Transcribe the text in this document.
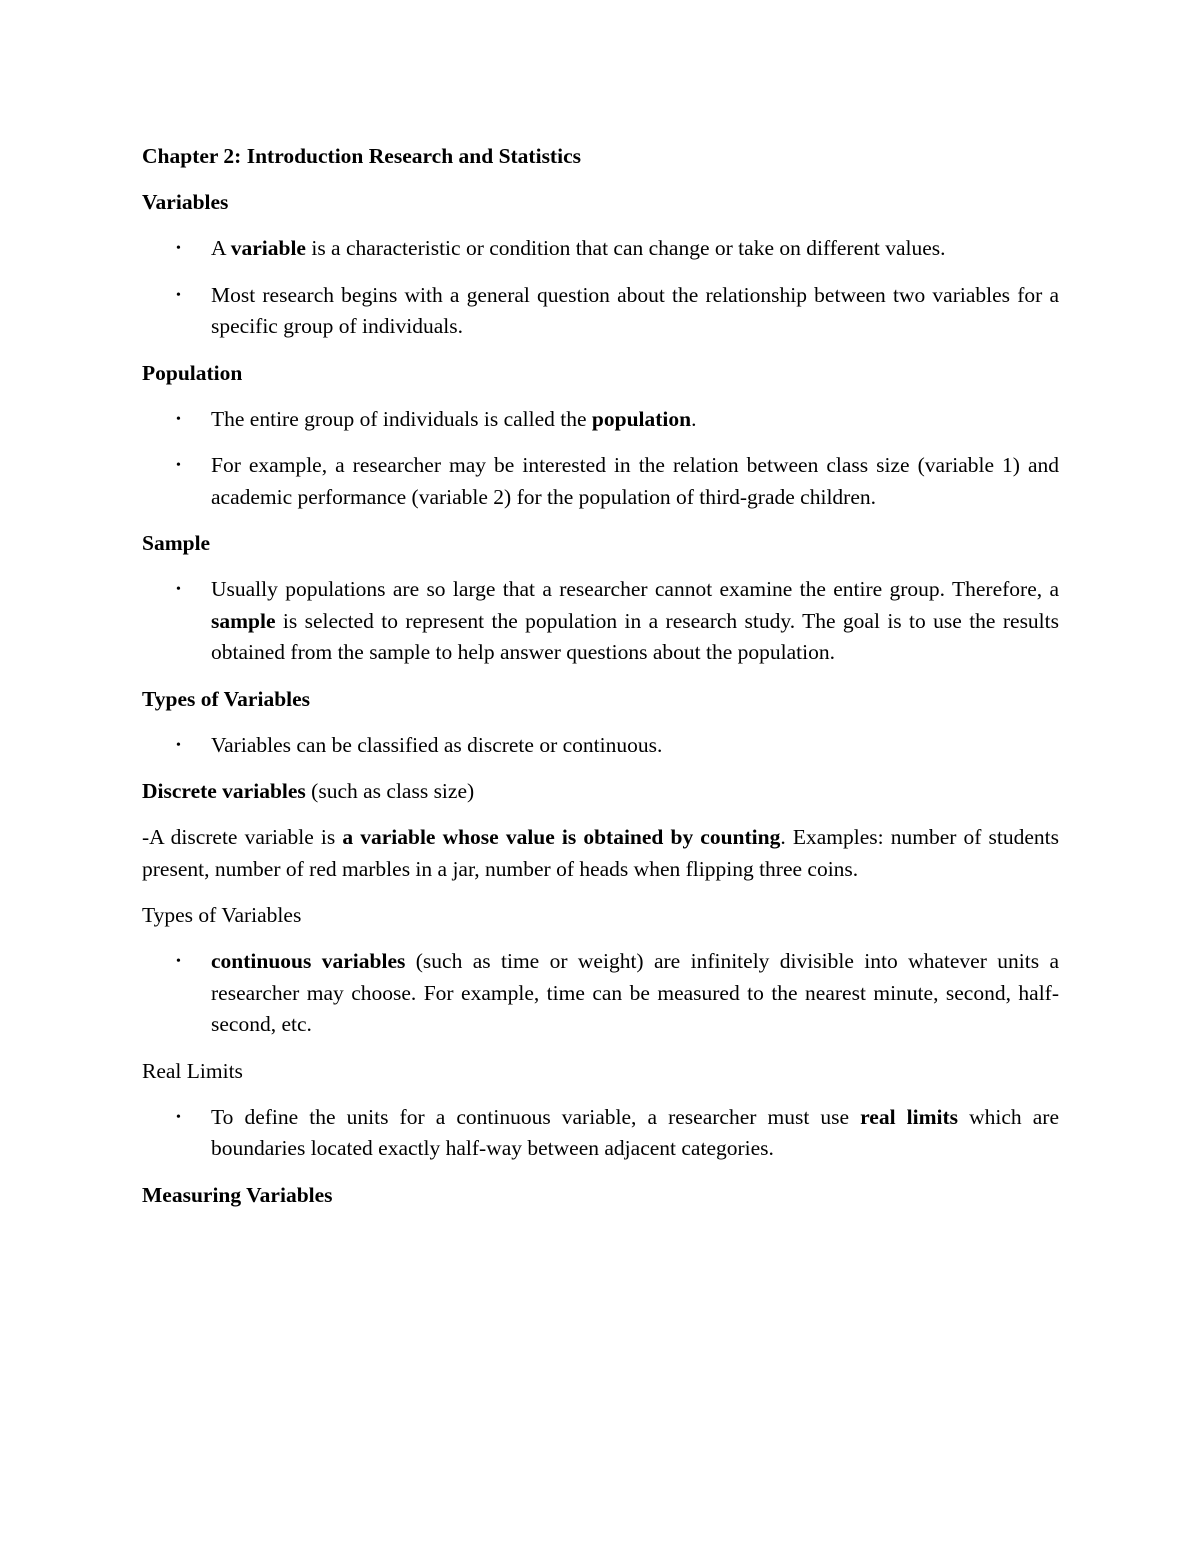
Chapter 2: Introduction Research and Statistics
Variables
• A variable is a characteristic or condition that can change or take on different values.
• Most research begins with a general question about the relationship between two variables for a specific group of individuals.
Population
• The entire group of individuals is called the population.
• For example, a researcher may be interested in the relation between class size (variable 1) and academic performance (variable 2) for the population of third-grade children.
Sample
• Usually populations are so large that a researcher cannot examine the entire group. Therefore, a sample is selected to represent the population in a research study. The goal is to use the results obtained from the sample to help answer questions about the population.
Types of Variables
• Variables can be classified as discrete or continuous.
Discrete variables (such as class size)
-A discrete variable is a variable whose value is obtained by counting. Examples: number of students present, number of red marbles in a jar, number of heads when flipping three coins.
Types of Variables
• continuous variables (such as time or weight) are infinitely divisible into whatever units a researcher may choose. For example, time can be measured to the nearest minute, second, half-second, etc.
Real Limits
• To define the units for a continuous variable, a researcher must use real limits which are boundaries located exactly half-way between adjacent categories.
Measuring Variables
